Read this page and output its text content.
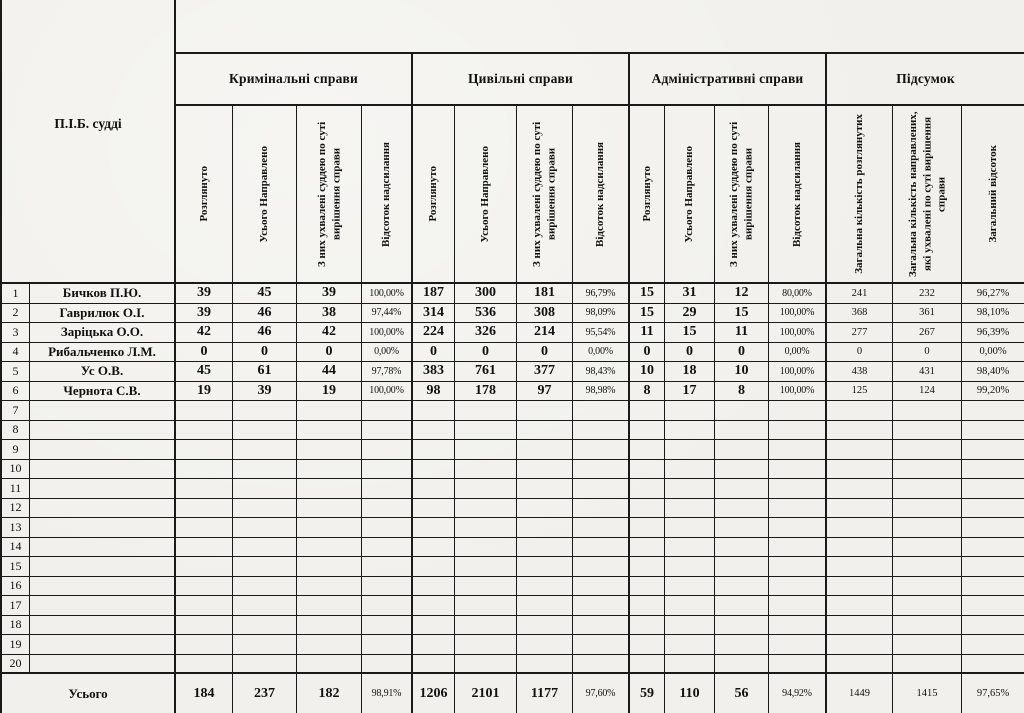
П.І.Б. судді
Кримінальні справи	Цивільні справи	Адміністративні справи	Підсумок
Розглянуто	Усього Направлено	З них ухвалені суддею по суті вирішення справи	Відсоток надсилання	Розглянуто	Усього Направлено	З них ухвалені суддею по суті вирішення справи	Відсоток надсилання	Розглянуто	Усього Направлено	З них ухвалені суддею по суті вирішення справи	Відсоток надсилання	Загальна кількість розглянутих	Загальна кількість направлених, які ухвалені по суті вирішення справи	Загальний відсоток
1	Бичков П.Ю.	39	45	39	100,00%	187	300	181	96,79%	15	31	12	80,00%	241	232	96,27%
2	Гаврилюк О.І.	39	46	38	97,44%	314	536	308	98,09%	15	29	15	100,00%	368	361	98,10%
3	Заріцька О.О.	42	46	42	100,00%	224	326	214	95,54%	11	15	11	100,00%	277	267	96,39%
4	Рибальченко Л.М.	0	0	0	0,00%	0	0	0	0,00%	0	0	0	0,00%	0	0	0,00%
5	Ус О.В.	45	61	44	97,78%	383	761	377	98,43%	10	18	10	100,00%	438	431	98,40%
6	Чернота С.В.	19	39	19	100,00%	98	178	97	98,98%	8	17	8	100,00%	125	124	99,20%
7
8
9
10
11
12
13
14
15
16
17
18
19
20
Усього	184	237	182	98,91%	1206	2101	1177	97,60%	59	110	56	94,92%	1449	1415	97,65%
